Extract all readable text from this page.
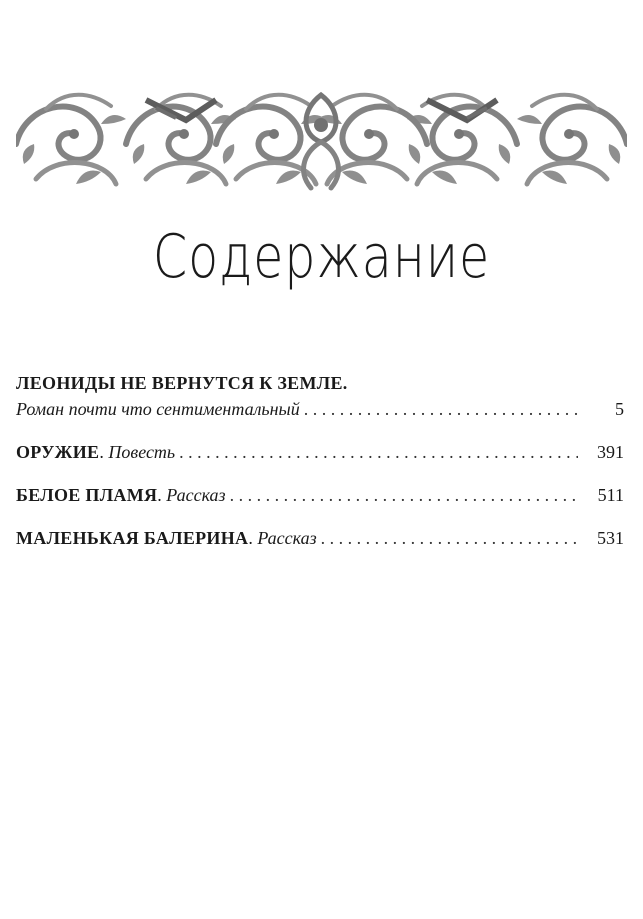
Содержание
ЛЕОНИДЫ НЕ ВЕРНУТСЯ К ЗЕМЛЕ.
Роман почти что сентиментальный . . .	5
ОРУЖИЕ . Повесть . . .	391
БЕЛОЕ ПЛАМЯ . Рассказ . . .	511
МАЛЕНЬКАЯ БАЛЕРИНА . Рассказ . . .	531
